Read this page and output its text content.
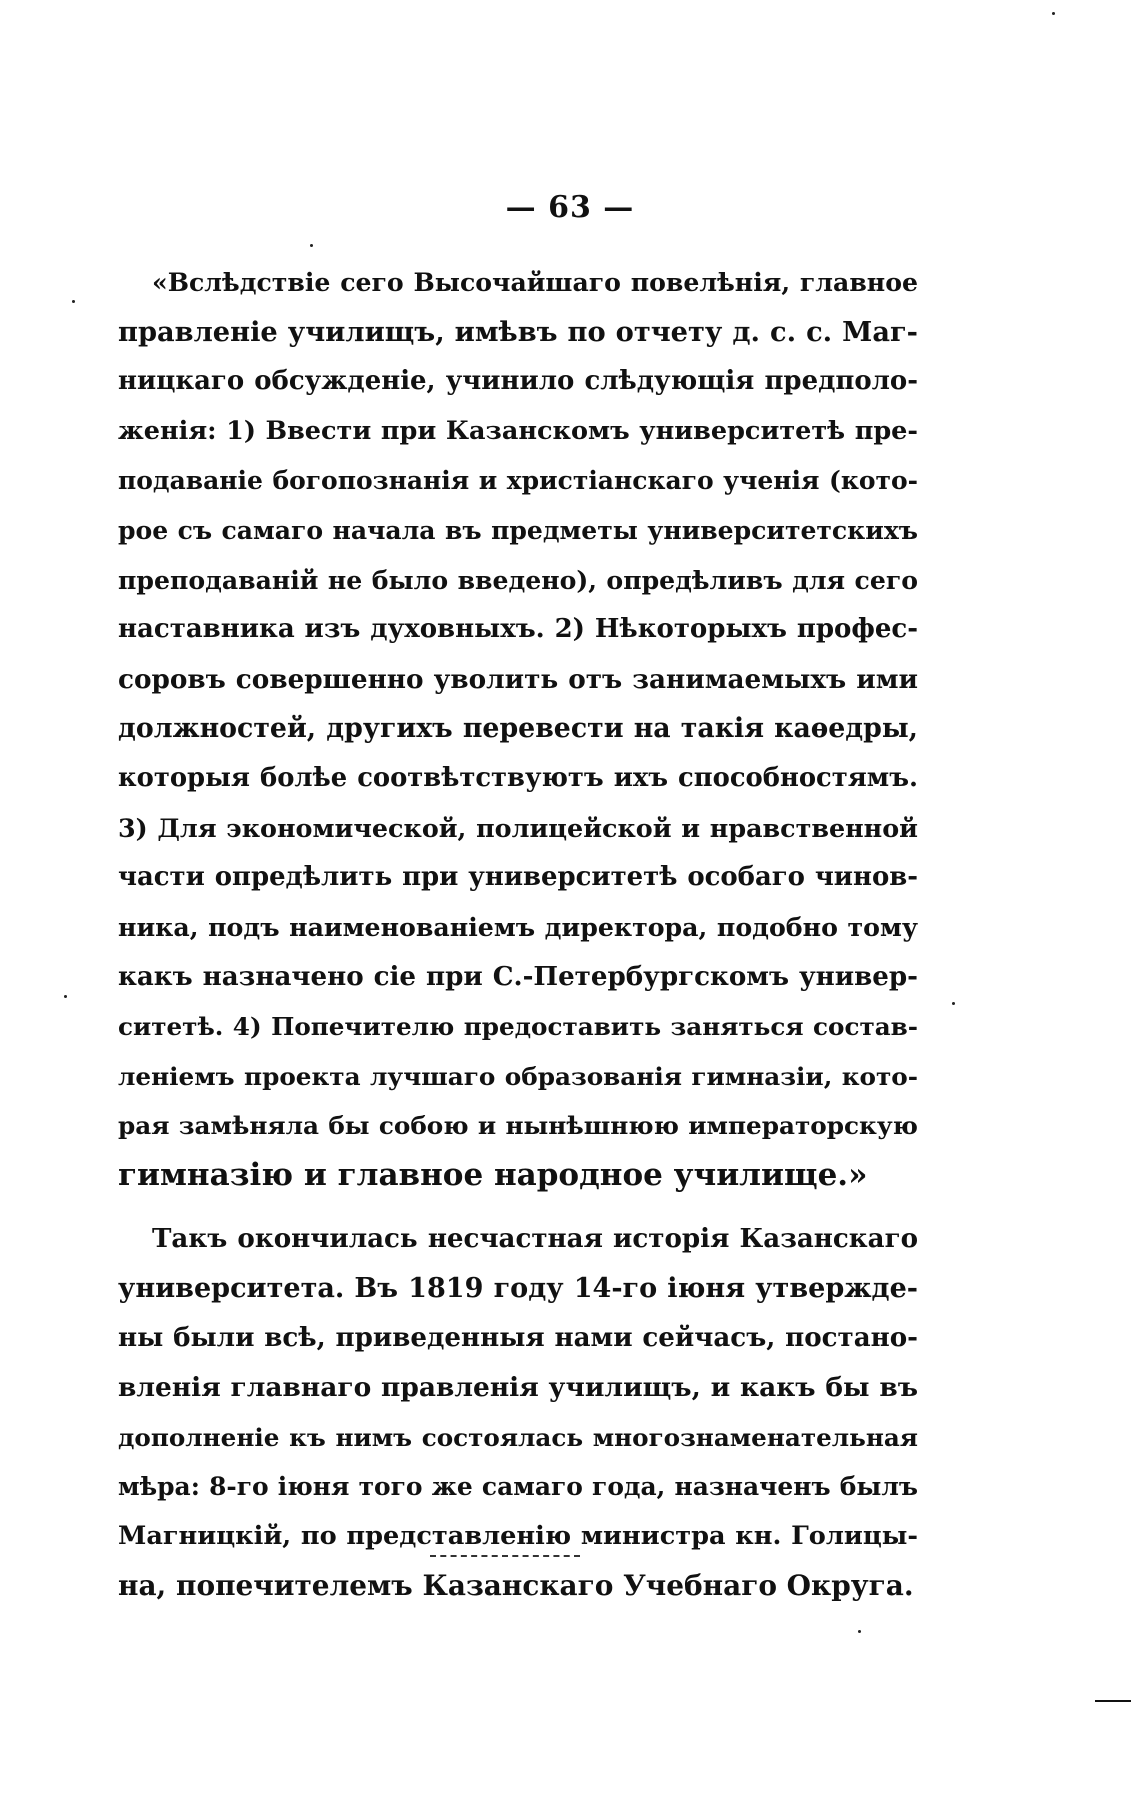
— 63 —
«Вслѣдствіе сего Высочайшаго повелѣнія, главное
правленіе училищъ, имѣвъ по отчету д. с. с. Маг-
ницкаго обсужденіе, учинило слѣдующія предполо-
женія: 1) Ввести при Казанскомъ университетѣ пре-
подаваніе богопознанія и христіанскаго ученія (кото-
рое съ самаго начала въ предметы университетскихъ
преподаваній не было введено), опредѣливъ для сего
наставника изъ духовныхъ. 2) Нѣкоторыхъ профес-
соровъ совершенно уволить отъ занимаемыхъ ими
должностей, другихъ перевести на такія каѳедры,
которыя болѣе соотвѣтствуютъ ихъ способностямъ.
3) Для экономической, полицейской и нравственной
части опредѣлить при университетѣ особаго чинов-
ника, подъ наименованіемъ директора, подобно тому
какъ назначено сіе при С.-Петербургскомъ универ-
ситетѣ. 4) Попечителю предоставить заняться состав-
леніемъ проекта лучшаго образованія гимназіи, кото-
рая замѣняла бы собою и нынѣшнюю императорскую
гимназію и главное народное училище.»
Такъ окончилась несчастная исторія Казанскаго
университета. Въ 1819 году 14-го іюня утвержде-
ны были всѣ, приведенныя нами сейчасъ, постано-
вленія главнаго правленія училищъ, и какъ бы въ
дополненіе къ нимъ состоялась многознаменательная
мѣра: 8-го іюня того же самаго года, назначенъ былъ
Магницкій, по представленію министра кн. Голицы-
на, попечителемъ Казанскаго Учебнаго Округа.
